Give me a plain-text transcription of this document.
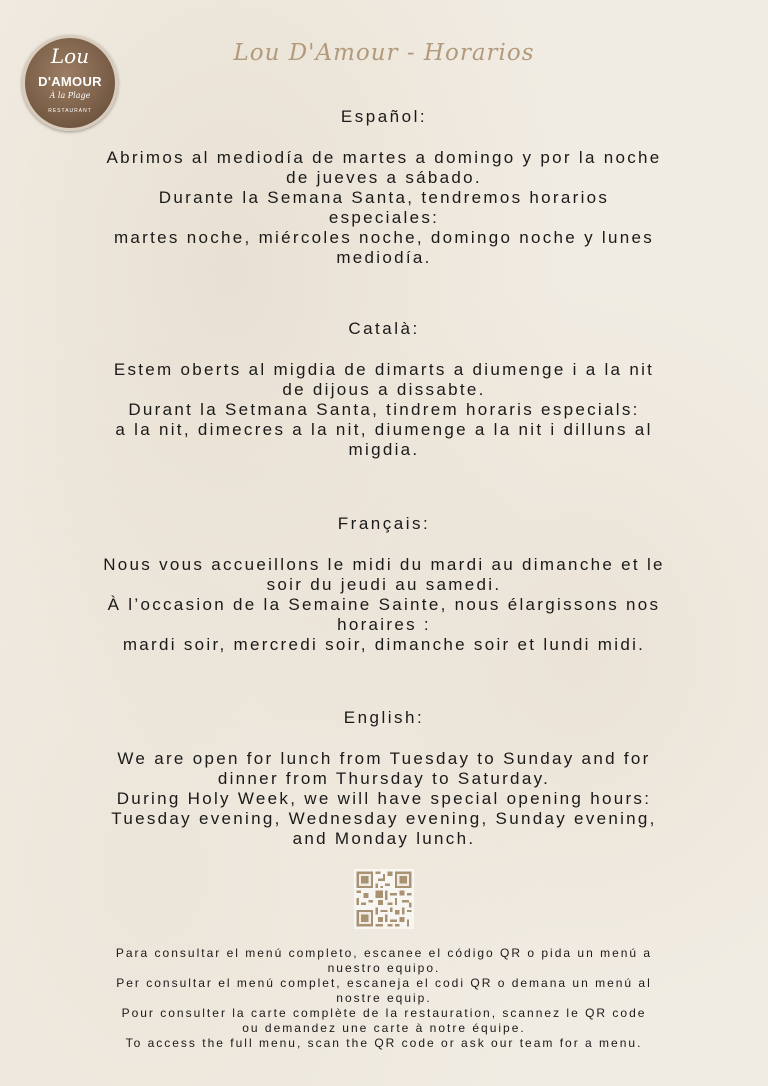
Lou
D'AMOUR
À la Plage
RESTAURANT
Lou D'Amour - Horarios
Español:
Abrimos al mediodía de martes a domingo y por la noche
de jueves a sábado.
Durante la Semana Santa, tendremos horarios
especiales:
martes noche, miércoles noche, domingo noche y lunes
mediodía.
Català:
Estem oberts al migdia de dimarts a diumenge i a la nit
de dijous a dissabte.
Durant la Setmana Santa, tindrem horaris especials:
a la nit, dimecres a la nit, diumenge a la nit i dilluns al
migdia.
Français:
Nous vous accueillons le midi du mardi au dimanche et le
soir du jeudi au samedi.
À l’occasion de la Semaine Sainte, nous élargissons nos
horaires :
mardi soir, mercredi soir, dimanche soir et lundi midi.
English:
We are open for lunch from Tuesday to Sunday and for
dinner from Thursday to Saturday.
During Holy Week, we will have special opening hours:
Tuesday evening, Wednesday evening, Sunday evening,
and Monday lunch.
Para consultar el menú completo, escanee el código QR o pida un menú a
nuestro equipo.
Per consultar el menú complet, escaneja el codi QR o demana un menú al
nostre equip.
Pour consulter la carte complète de la restauration, scannez le QR code
ou demandez une carte à notre équipe.
To access the full menu, scan the QR code or ask our team for a menu.
